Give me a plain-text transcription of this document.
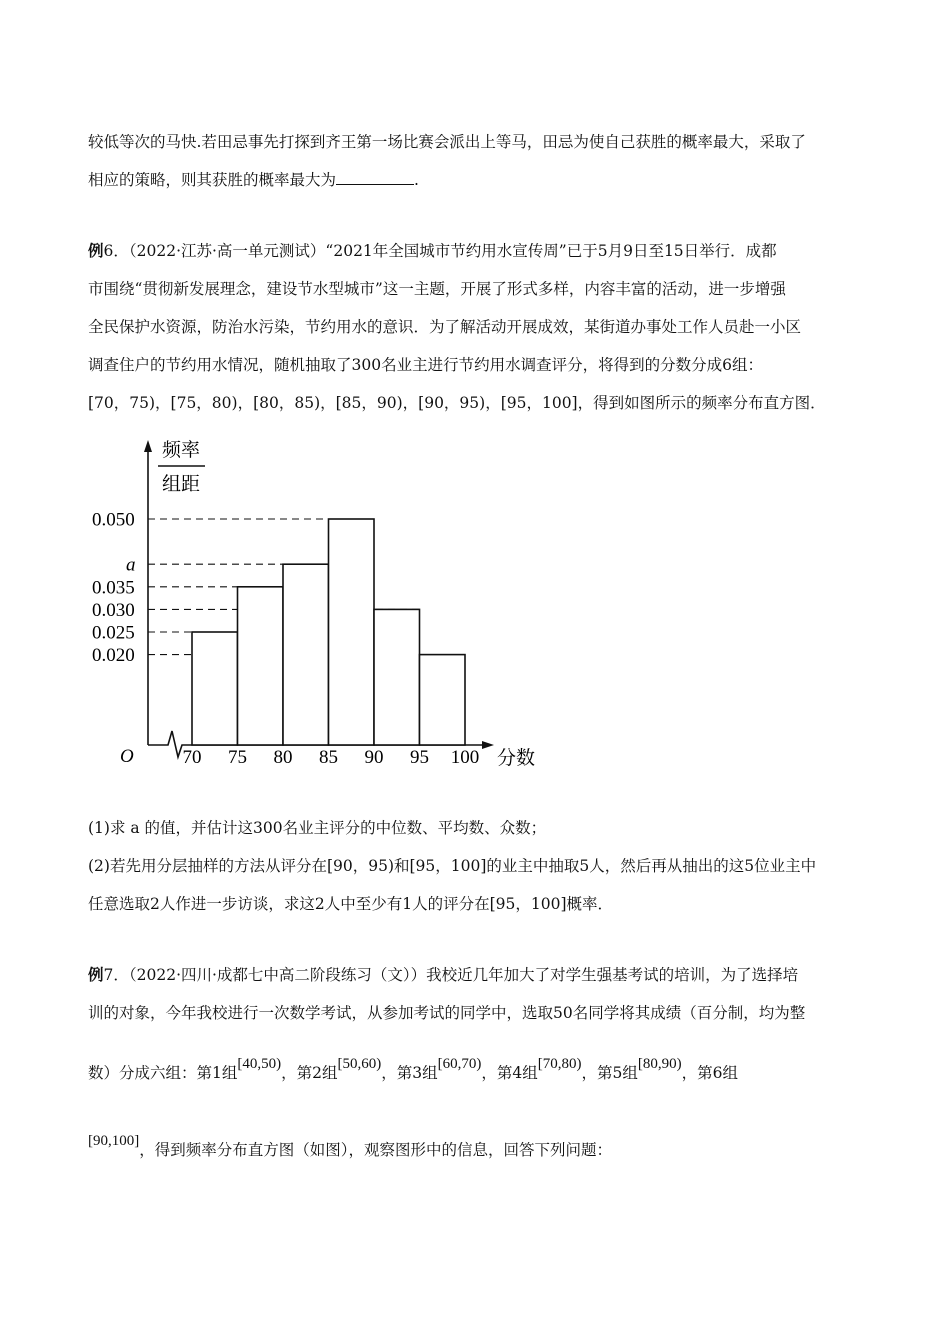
较低等次的马快.若田忌事先打探到齐王第一场比赛会派出上等马，田忌为使自己获胜的概率最大，采取了
相应的策略，则其获胜的概率最大为	.
例6．（2022·江苏·高一单元测试）“2021年全国城市节约用水宣传周”已于5月9日至15日举行．成都
市围绕“贯彻新发展理念，建设节水型城市”这一主题，开展了形式多样，内容丰富的活动，进一步增强
全民保护水资源，防治水污染，节约用水的意识．为了解活动开展成效，某街道办事处工作人员赴一小区
调查住户的节约用水情况，随机抽取了300名业主进行节约用水调查评分，将得到的分数分成6组：
[70，75)，[75，80)，[80，85)，[85，90)，[90，95)，[95，100]，得到如图所示的频率分布直方图．
频率
组距
分数
O
0.050
a
0.035
0.030
0.025
0.020
70 75 80 85 90 95 100
(1)求 a 的值，并估计这300名业主评分的中位数、平均数、众数；
(2)若先用分层抽样的方法从评分在[90，95)和[95，100]的业主中抽取5人，然后再从抽出的这5位业主中
任意选取2人作进一步访谈，求这2人中至少有1人的评分在[95，100]概率．
例7．（2022·四川·成都七中高二阶段练习（文））我校近几年加大了对学生强基考试的培训，为了选择培
训的对象，今年我校进行一次数学考试，从参加考试的同学中，选取50名同学将其成绩（百分制，均为整
数）分成六组：第1组[40,50)，第2组[50,60)，第3组[60,70)，第4组[70,80)，第5组[80,90)，第6组
[90,100]，得到频率分布直方图（如图），观察图形中的信息，回答下列问题：
